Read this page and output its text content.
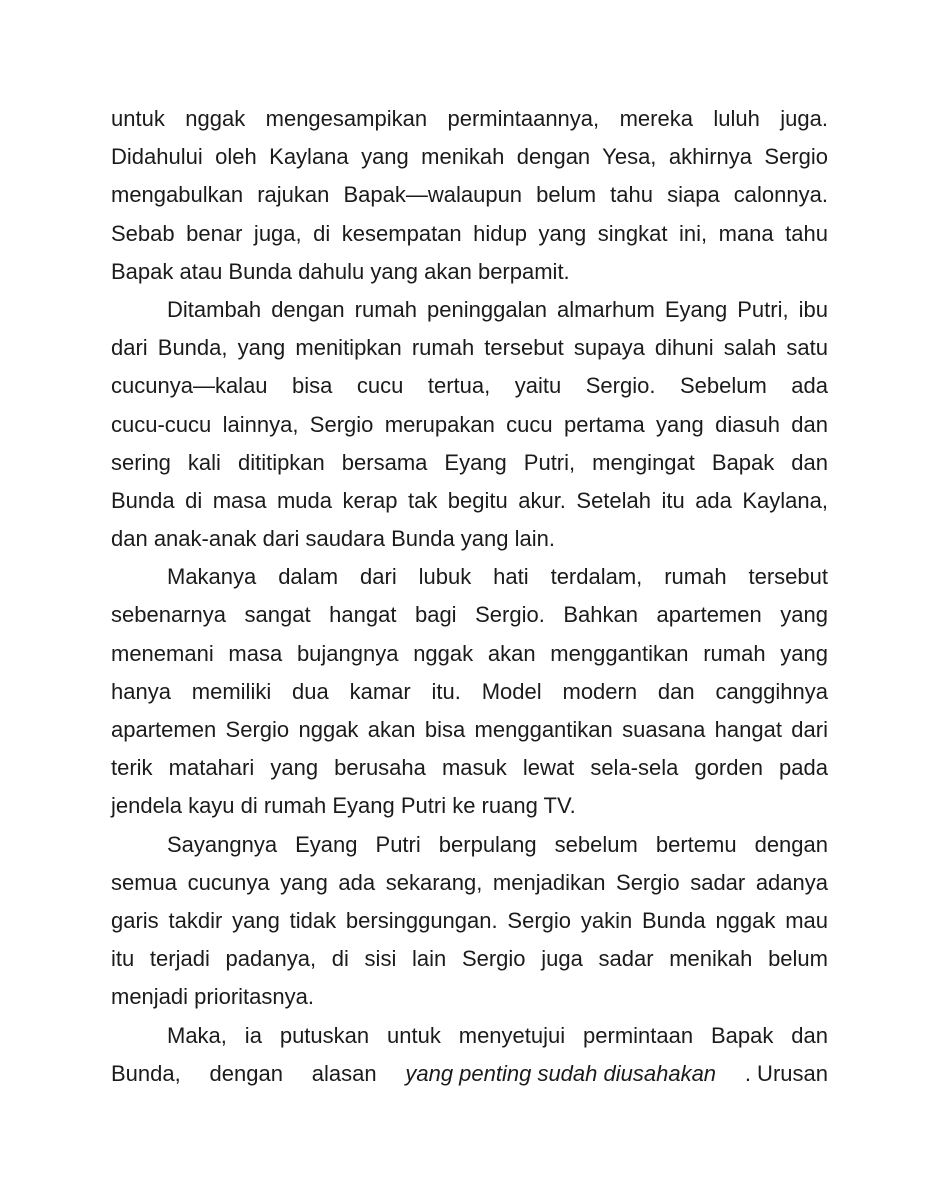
untuk nggak mengesampikan permintaannya, mereka luluh juga.
Didahului oleh Kaylana yang menikah dengan Yesa, akhirnya Sergio
mengabulkan rajukan Bapak—walaupun belum tahu siapa calonnya.
Sebab benar juga, di kesempatan hidup yang singkat ini, mana tahu
Bapak atau Bunda dahulu yang akan berpamit.
Ditambah dengan rumah peninggalan almarhum Eyang Putri, ibu
dari Bunda, yang menitipkan rumah tersebut supaya dihuni salah satu
cucunya—kalau bisa cucu tertua, yaitu Sergio. Sebelum ada
cucu-cucu lainnya, Sergio merupakan cucu pertama yang diasuh dan
sering kali dititipkan bersama Eyang Putri, mengingat Bapak dan
Bunda di masa muda kerap tak begitu akur. Setelah itu ada Kaylana,
dan anak-anak dari saudara Bunda yang lain.
Makanya dalam dari lubuk hati terdalam, rumah tersebut
sebenarnya sangat hangat bagi Sergio. Bahkan apartemen yang
menemani masa bujangnya nggak akan menggantikan rumah yang
hanya memiliki dua kamar itu. Model modern dan canggihnya
apartemen Sergio nggak akan bisa menggantikan suasana hangat dari
terik matahari yang berusaha masuk lewat sela-sela gorden pada
jendela kayu di rumah Eyang Putri ke ruang TV.
Sayangnya Eyang Putri berpulang sebelum bertemu dengan
semua cucunya yang ada sekarang, menjadikan Sergio sadar adanya
garis takdir yang tidak bersinggungan. Sergio yakin Bunda nggak mau
itu terjadi padanya, di sisi lain Sergio juga sadar menikah belum
menjadi prioritasnya.
Maka, ia putuskan untuk menyetujui permintaan Bapak dan
Bunda, dengan alasan yang penting sudah diusahakan . Urusan
